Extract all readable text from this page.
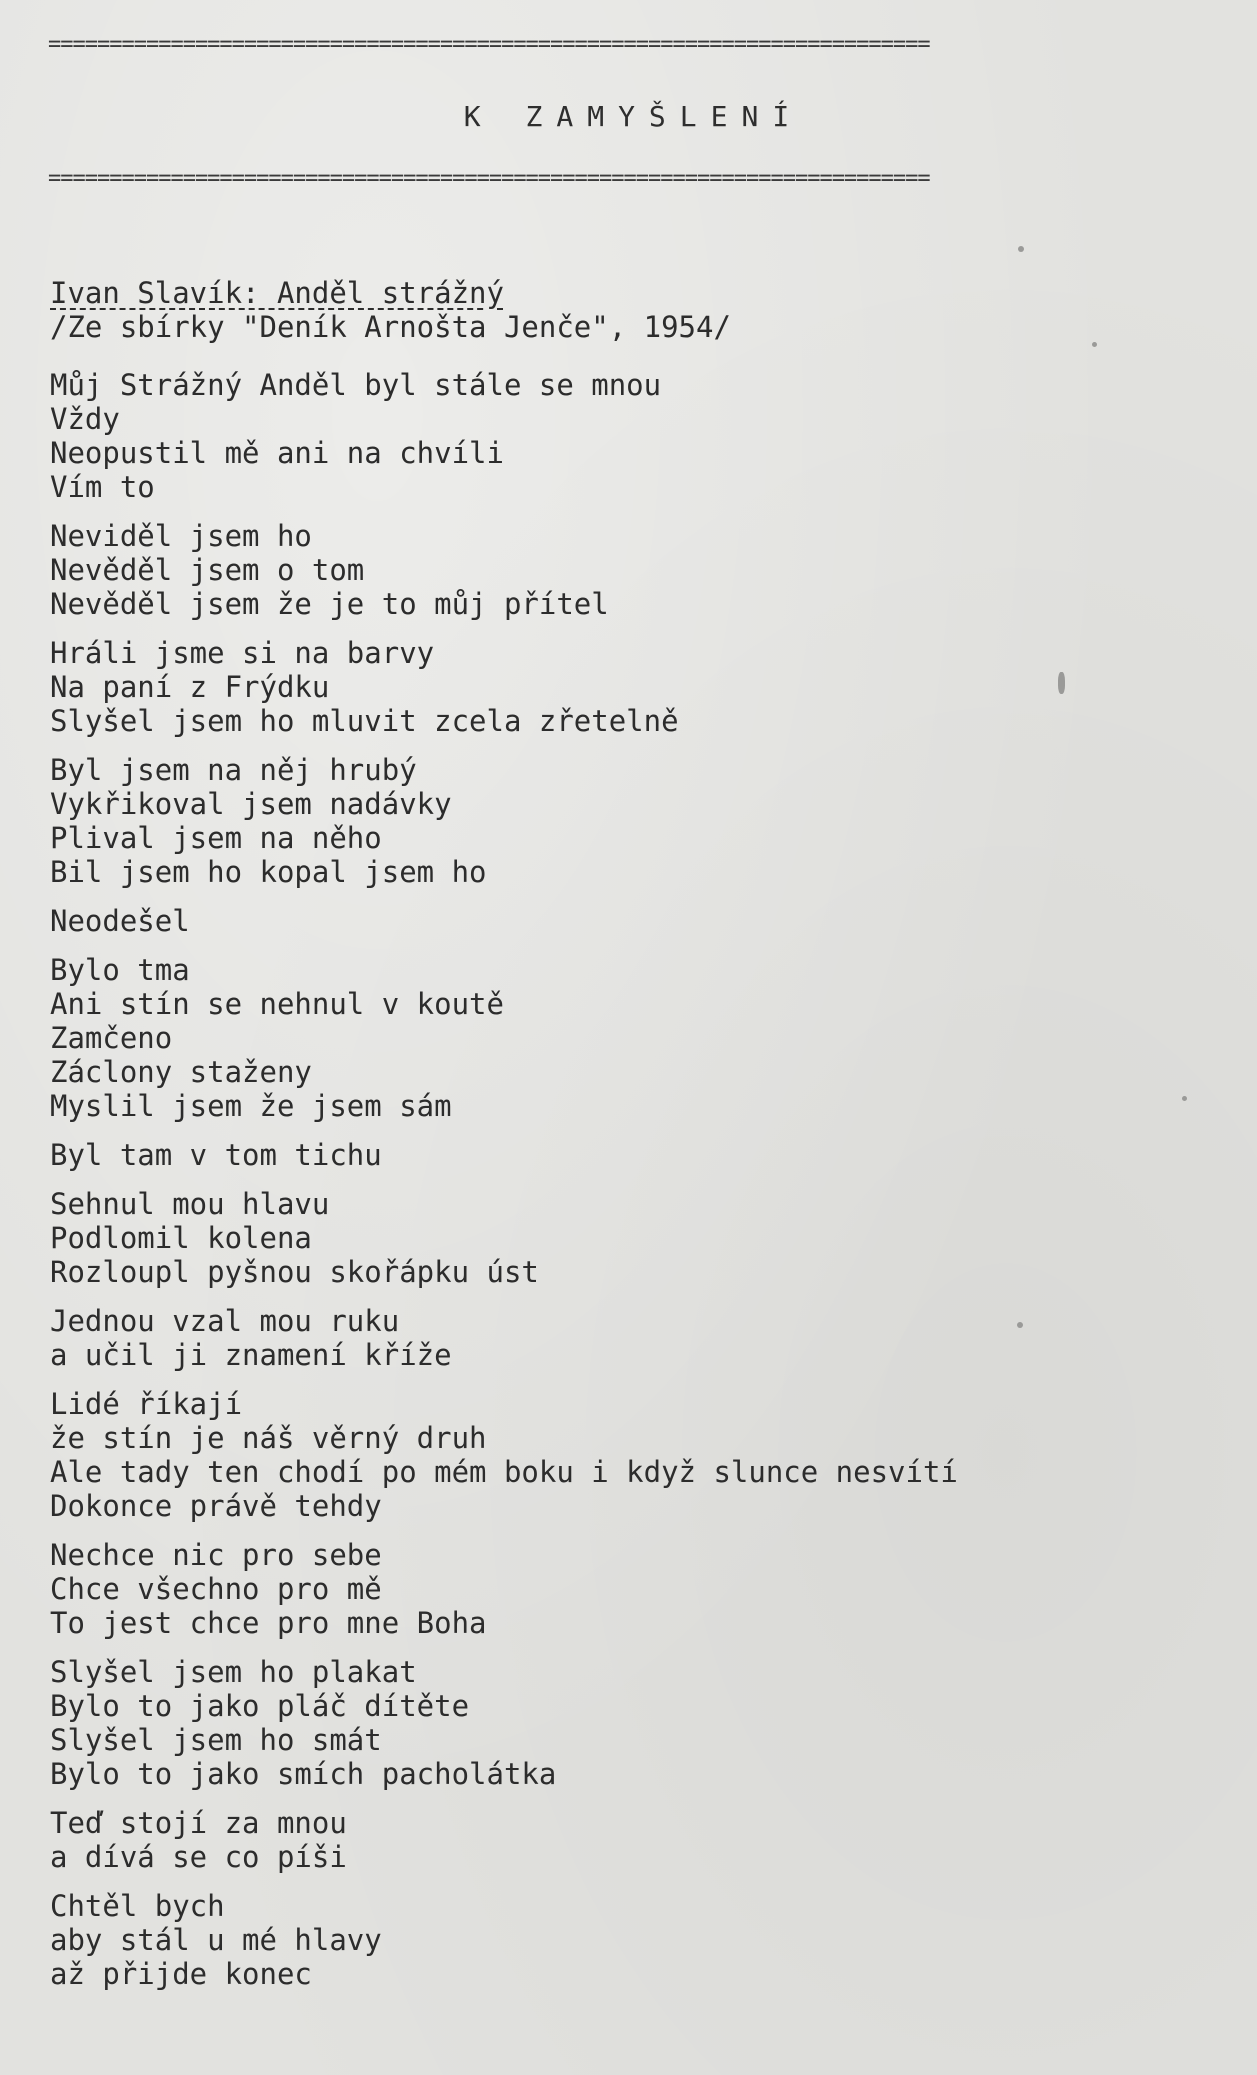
========================================================================
K ZAMYŠLENÍ
========================================================================
Ivan Slavík: Anděl strážný
/Ze sbírky "Deník Arnošta Jenče", 1954/
Můj Strážný Anděl byl stále se mnou
Vždy
Neopustil mě ani na chvíli
Vím to
Neviděl jsem ho
Nevěděl jsem o tom
Nevěděl jsem že je to můj přítel
Hráli jsme si na barvy
Na paní z Frýdku
Slyšel jsem ho mluvit zcela zřetelně
Byl jsem na něj hrubý
Vykřikoval jsem nadávky
Plival jsem na něho
Bil jsem ho kopal jsem ho
Neodešel
Bylo tma
Ani stín se nehnul v koutě
Zamčeno
Záclony staženy
Myslil jsem že jsem sám
Byl tam v tom tichu
Sehnul mou hlavu
Podlomil kolena
Rozloupl pyšnou skořápku úst
Jednou vzal mou ruku
a učil ji znamení kříže
Lidé říkají
že stín je náš věrný druh
Ale tady ten chodí po mém boku i když slunce nesvítí
Dokonce právě tehdy
Nechce nic pro sebe
Chce všechno pro mě
To jest chce pro mne Boha
Slyšel jsem ho plakat
Bylo to jako pláč dítěte
Slyšel jsem ho smát
Bylo to jako smích pacholátka
Teď stojí za mnou
a dívá se co píši
Chtěl bych
aby stál u mé hlavy
až přijde konec
